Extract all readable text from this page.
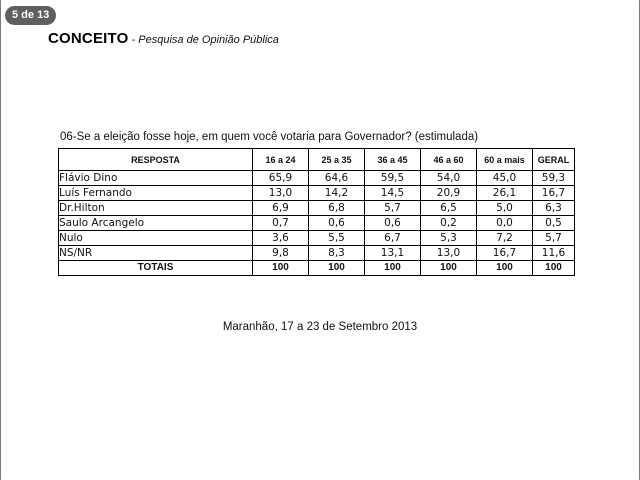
CONCEITO - Pesquisa de Opinião Pública
06-Se a eleição fosse hoje, em quem você votaria para Governador? (estimulada)
RESPOSTA	16 a 24	25 a 35	36 a 45	46 a 60	60 a mais	GERAL
Flávio Dino	65,9	64,6	59,5	54,0	45,0	59,3
Luís Fernando	13,0	14,2	14,5	20,9	26,1	16,7
Dr.Hilton	6,9	6,8	5,7	6,5	5,0	6,3
Saulo Arcangelo	0,7	0,6	0,6	0,2	0,0	0,5
Nulo	3,6	5,5	6,7	5,3	7,2	5,7
NS/NR	9,8	8,3	13,1	13,0	16,7	11,6
TOTAIS	100	100	100	100	100	100
Maranhão, 17 a 23 de Setembro 2013
5 de 13
